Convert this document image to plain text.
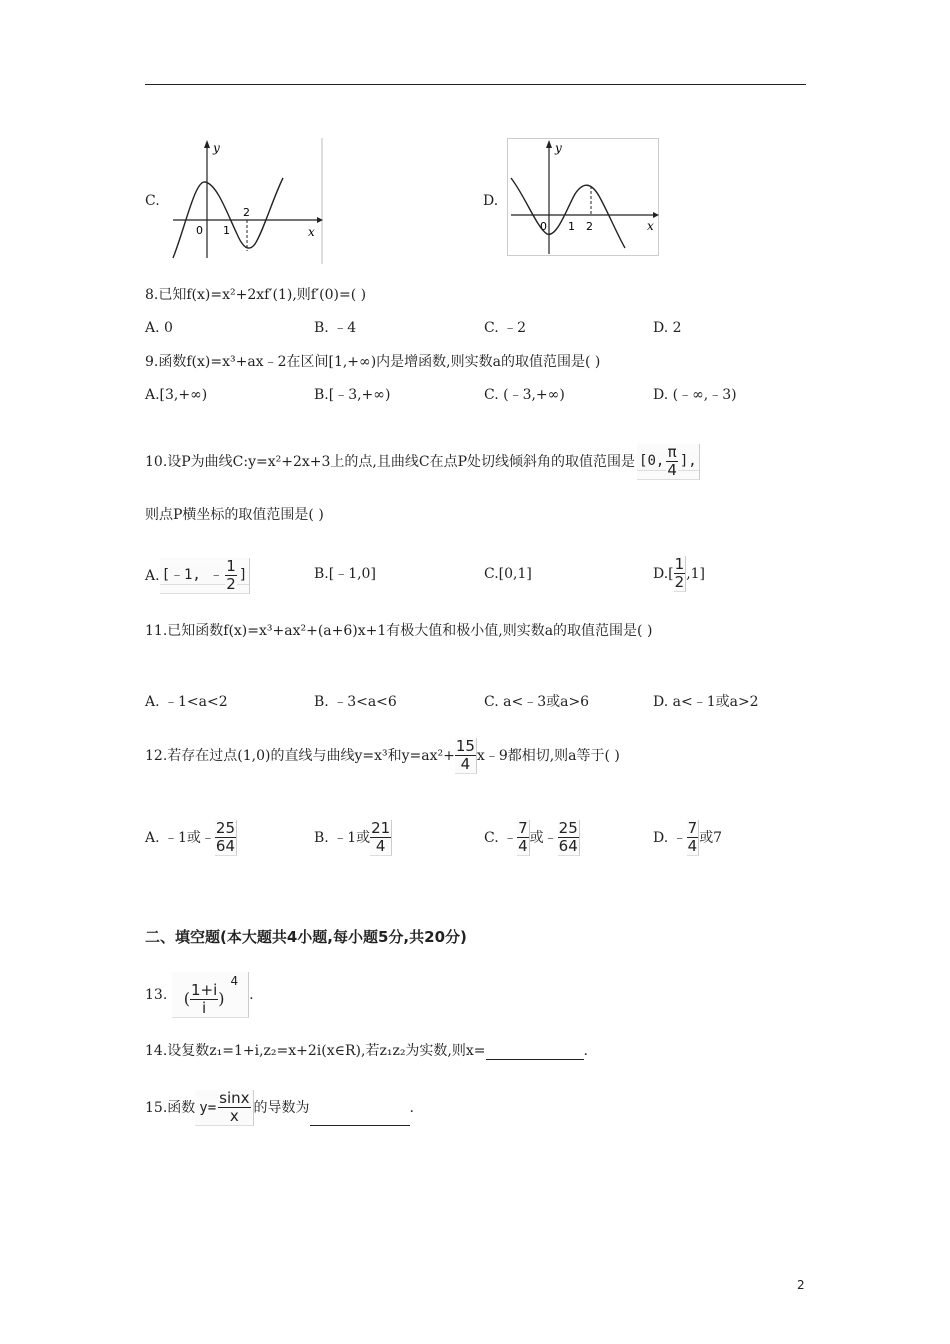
C.
y
x
0 1
2
D.
y
x
0 1 2
8.已知f(x)=x²+2xf′(1),则f′(0)=( )
A. 0	B. ﹣4	C. ﹣2	D. 2
9.函数f(x)=x³+ax﹣2在区间[1,+∞)内是增函数,则实数a的取值范围是( )
A.[3,+∞)	B.[﹣3,+∞)	C. (﹣3,+∞)	D. (﹣∞,﹣3)
10.设P为曲线C:y=x²+2x+3上的点,且曲线C在点P处切线倾斜角的取值范围是 [0, $\frac{\pi}{4}$ ],
则点P横坐标的取值范围是( )
A. [﹣1, ﹣ $\frac{1}{2}$ ]	B.[﹣1,0]	C.[0,1]	$D.[ \frac{1}{2} ,1]$
11.已知函数f(x)=x³+ax²+(a+6)x+1有极大值和极小值,则实数a的取值范围是( )
A. ﹣1<a<2	B. ﹣3<a<6	C. a<﹣3或a>6	D. a<﹣1或a>2
12.若存在过点(1,0)的直线与曲线y=x³和$y=ax^2+ \frac{15}{4}$ x﹣9都相切,则a等于( )
A. ﹣1或﹣ $\frac{25}{64}$	B. ﹣1或 $\frac{21}{4}$	C. ﹣ $\frac{7}{4}$ 或﹣ $\frac{25}{64}$	D. ﹣ $\frac{7}{4}$ 或7
二、填空题(本大题共4小题,每小题5分,共20分)
13. ( $\frac{1+i}{i} )4$.
14.设复数z₁=1+i,z₂=x+2i(x∈R),若z₁z₂为实数,则x=	.
15.函数 $y= \frac{\sin x}{x}$ 的导数为	.
2
